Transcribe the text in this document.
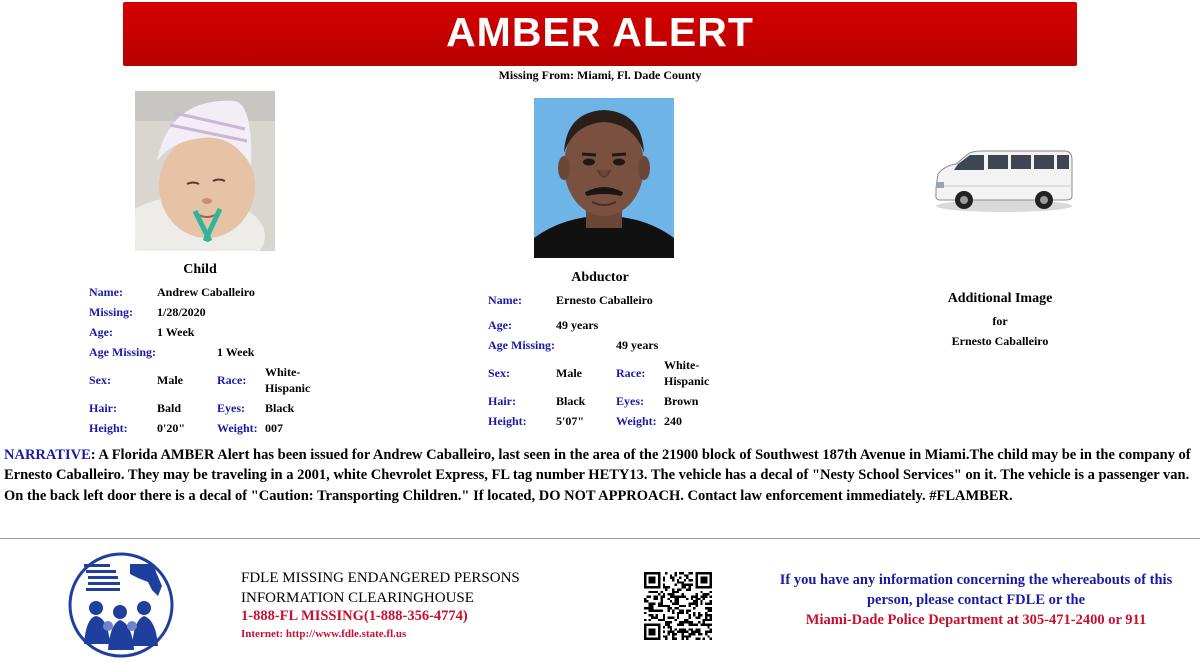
AMBER ALERT
Missing From: Miami, Fl. Dade County
Child
Name:	Andrew Caballeiro
Missing: 1/28/2020
Age:	1 Week
Age Missing:	1 Week
Sex:	Male	Race:
White-
Hispanic
Hair:	Bald	Eyes: Black
Height: 0'20"	Weight: 007
Abductor
Name:	Ernesto Caballeiro
Age:	49 years
Age Missing:	49 years
Sex:	Male	Race:
White-
Hispanic
Hair:	Black	Eyes: Brown
Height: 5'07"	Weight: 240
Additional Image
for
Ernesto Caballeiro
NARRATIVE: A Florida AMBER Alert has been issued for Andrew Caballeiro, last seen in the area of the 21900 block of Southwest 187th Avenue in Miami.The child may be in the company of Ernesto Caballeiro. They may be traveling in a 2001, white Chevrolet Express, FL tag number HETY13. The vehicle has a decal of "Nesty School Services" on it. The vehicle is a passenger van. On the back left door there is a decal of "Caution: Transporting Children." If located, DO NOT APPROACH. Contact law enforcement immediately. #FLAMBER.
FDLE MISSING ENDANGERED PERSONS
INFORMATION CLEARINGHOUSE
1-888-FL MISSING(1-888-356-4774)
Internet: http://www.fdle.state.fl.us
If you have any information concerning the whereabouts of this
person, please contact FDLE or the
Miami-Dade Police Department at 305-471-2400 or 911
